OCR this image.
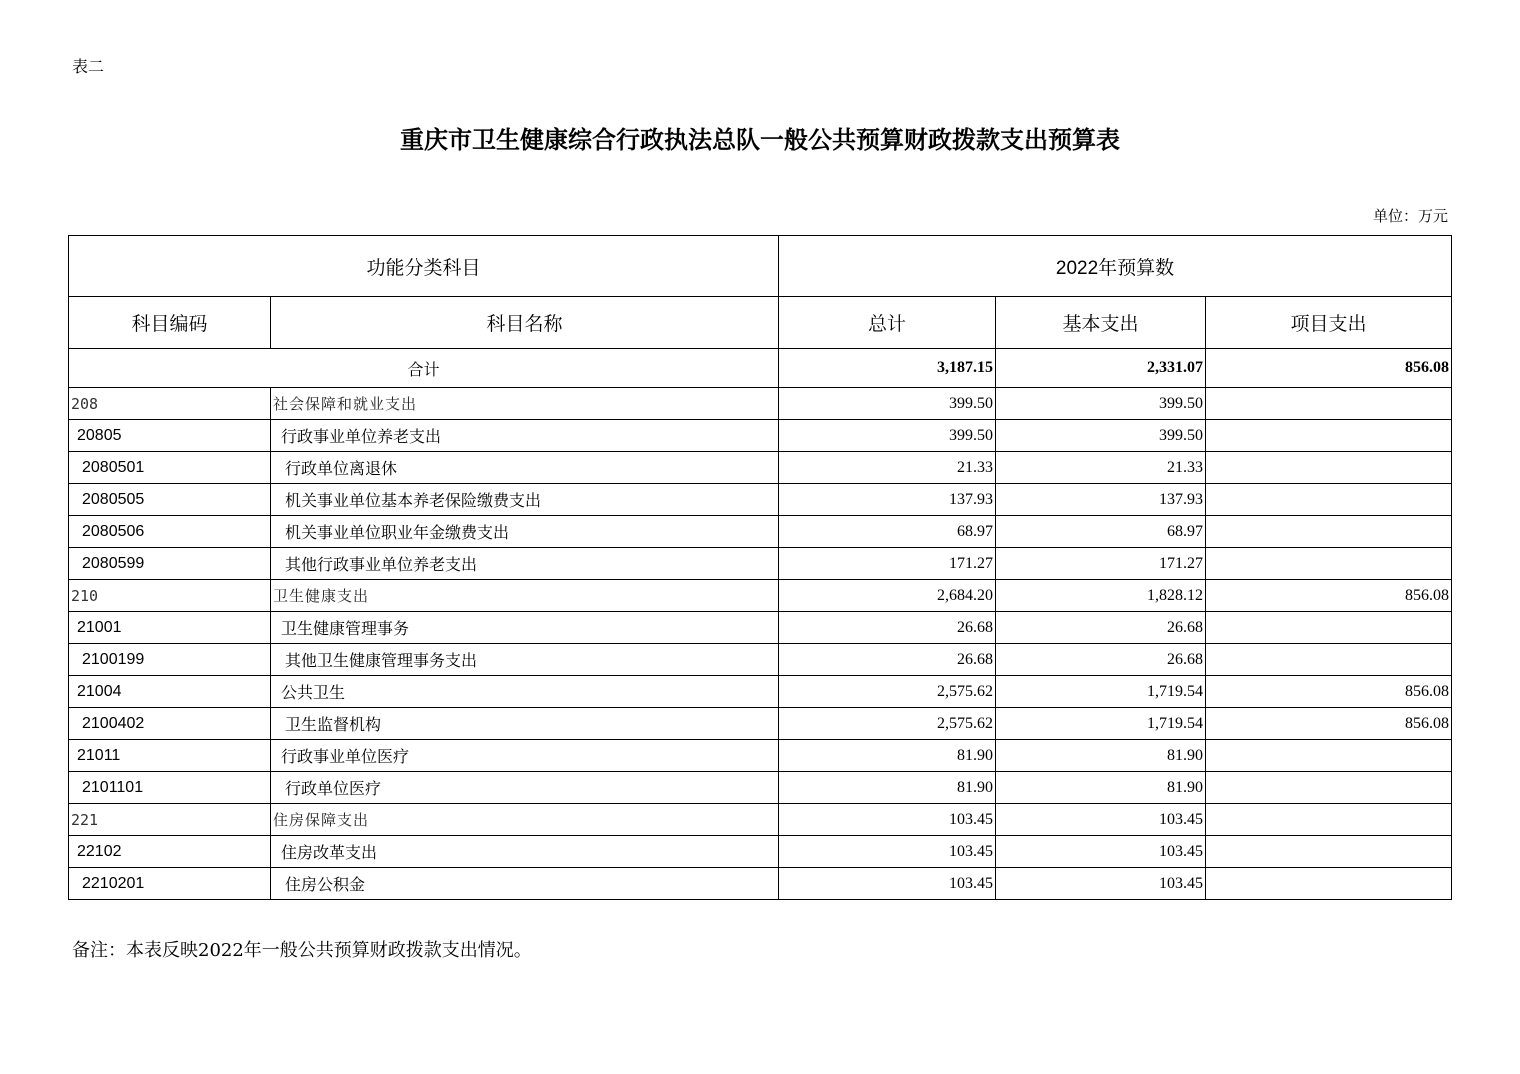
表二
重庆市卫生健康综合行政执法总队一般公共预算财政拨款支出预算表
单位：万元
功能分类科目		2022年预算数		
科目编码	科目名称	总计	基本支出	项目支出
合计		3,187.15	2,331.07	856.08
208	社会保障和就业支出	399.50	399.50	
20805	行政事业单位养老支出	399.50	399.50	
2080501	行政单位离退休	21.33	21.33	
2080505	机关事业单位基本养老保险缴费支出	137.93	137.93	
2080506	机关事业单位职业年金缴费支出	68.97	68.97	
2080599	其他行政事业单位养老支出	171.27	171.27	
210	卫生健康支出	2,684.20	1,828.12	856.08
21001	卫生健康管理事务	26.68	26.68	
2100199	其他卫生健康管理事务支出	26.68	26.68	
21004	公共卫生	2,575.62	1,719.54	856.08
2100402	卫生监督机构	2,575.62	1,719.54	856.08
21011	行政事业单位医疗	81.90	81.90	
2101101	行政单位医疗	81.90	81.90	
221	住房保障支出	103.45	103.45	
22102	住房改革支出	103.45	103.45	
2210201	住房公积金	103.45	103.45	
备注：本表反映2022年一般公共预算财政拨款支出情况。
